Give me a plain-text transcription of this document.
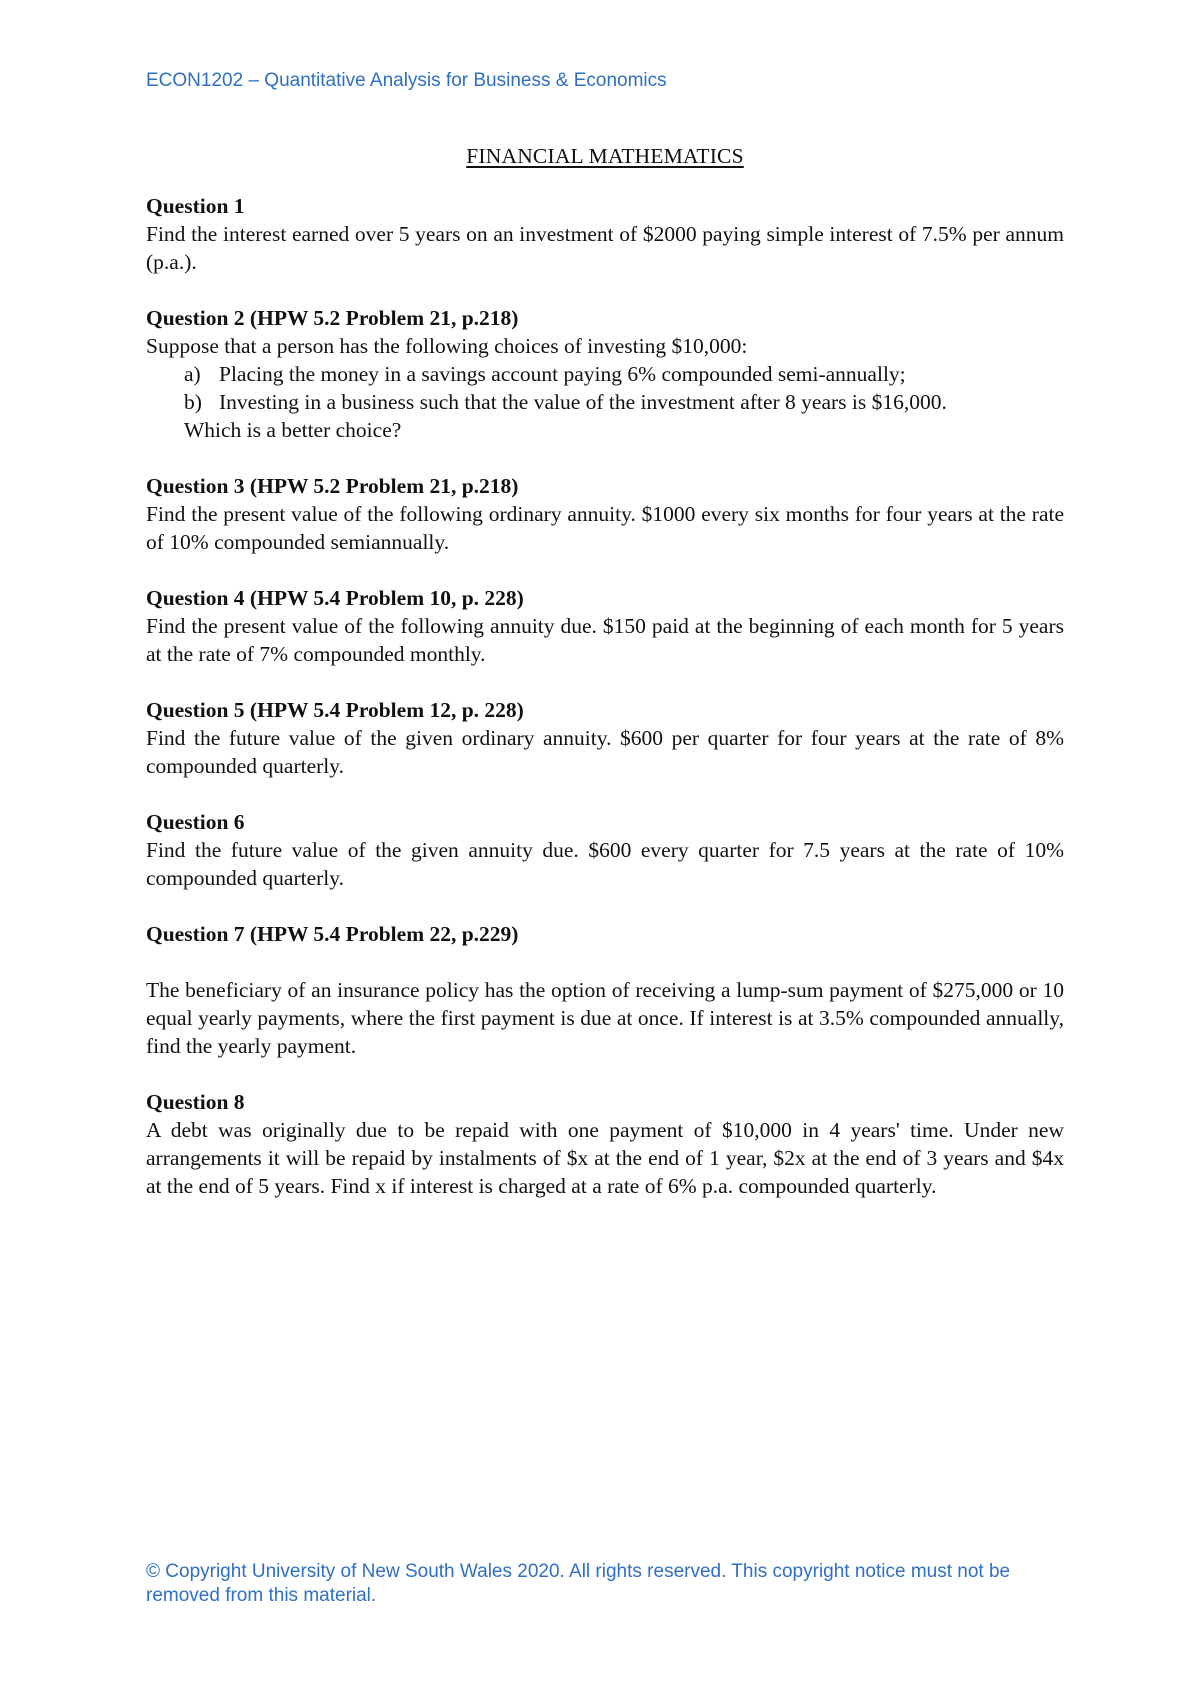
ECON1202 – Quantitative Analysis for Business & Economics
FINANCIAL MATHEMATICS

Question 1

Find the interest earned over 5 years on an investment of $2000 paying simple interest of 7.5% per annum (p.a.).

Question 2 (HPW 5.2 Problem 21, p.218)

Suppose that a person has the following choices of investing $10,000:

a) Placing the money in a savings account paying 6% compounded semi-annually;
b) Investing in a business such that the value of the investment after 8 years is $16,000.

Which is a better choice?

Question 3 (HPW 5.2 Problem 21, p.218)

Find the present value of the following ordinary annuity. $1000 every six months for four years at the rate of 10% compounded semiannually.

Question 4 (HPW 5.4 Problem 10, p. 228)

Find the present value of the following annuity due. $150 paid at the beginning of each month for 5 years at the rate of 7% compounded monthly.

Question 5 (HPW 5.4 Problem 12, p. 228)

Find the future value of the given ordinary annuity. $600 per quarter for four years at the rate of 8% compounded quarterly.

Question 6

Find the future value of the given annuity due. $600 every quarter for 7.5 years at the rate of 10% compounded quarterly.

Question 7 (HPW 5.4 Problem 22, p.229)

The beneficiary of an insurance policy has the option of receiving a lump-sum payment of $275,000 or 10 equal yearly payments, where the first payment is due at once. If interest is at 3.5% compounded annually, find the yearly payment.

Question 8

A debt was originally due to be repaid with one payment of $10,000 in 4 years' time. Under new arrangements it will be repaid by instalments of $x at the end of 1 year, $2x at the end of 3 years and $4x at the end of 5 years. Find x if interest is charged at a rate of 6% p.a. compounded quarterly.

© Copyright University of New South Wales 2020. All rights reserved. This copyright notice must not be removed from this material.
